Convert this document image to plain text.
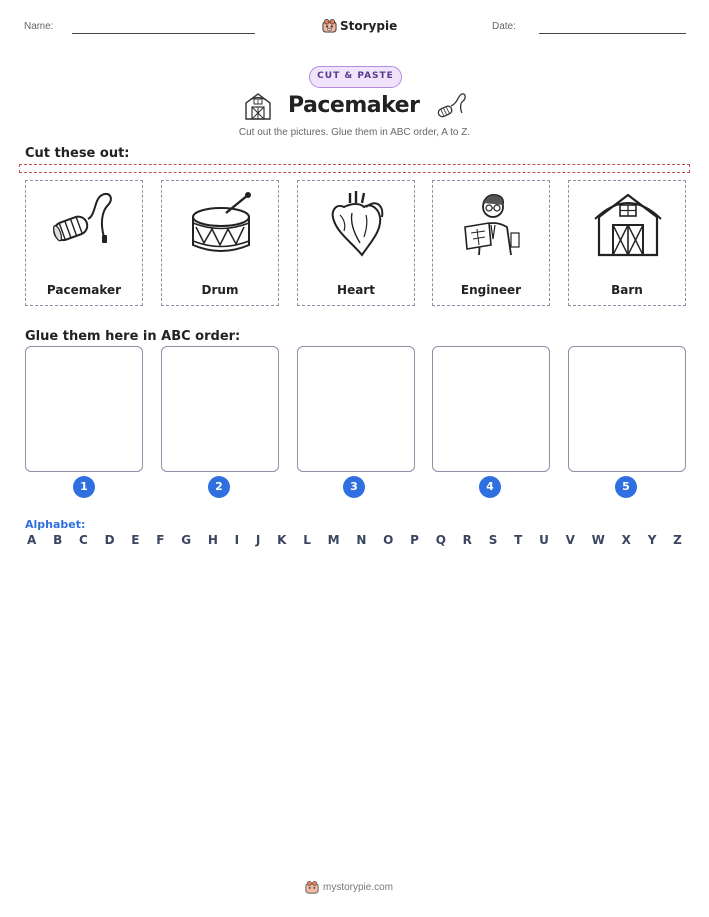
Name:	Storypie	Date:
CUT & PASTE
Pacemaker
Cut out the pictures. Glue them in ABC order, A to Z.
Cut these out:
Pacemaker	Drum	Heart	Engineer	Barn
Glue them here in ABC order:
1	2	3	4	5
Alphabet:
A B C D E F G H I J K L M N O P Q R S T U V W X Y Z
mystorypie.com
